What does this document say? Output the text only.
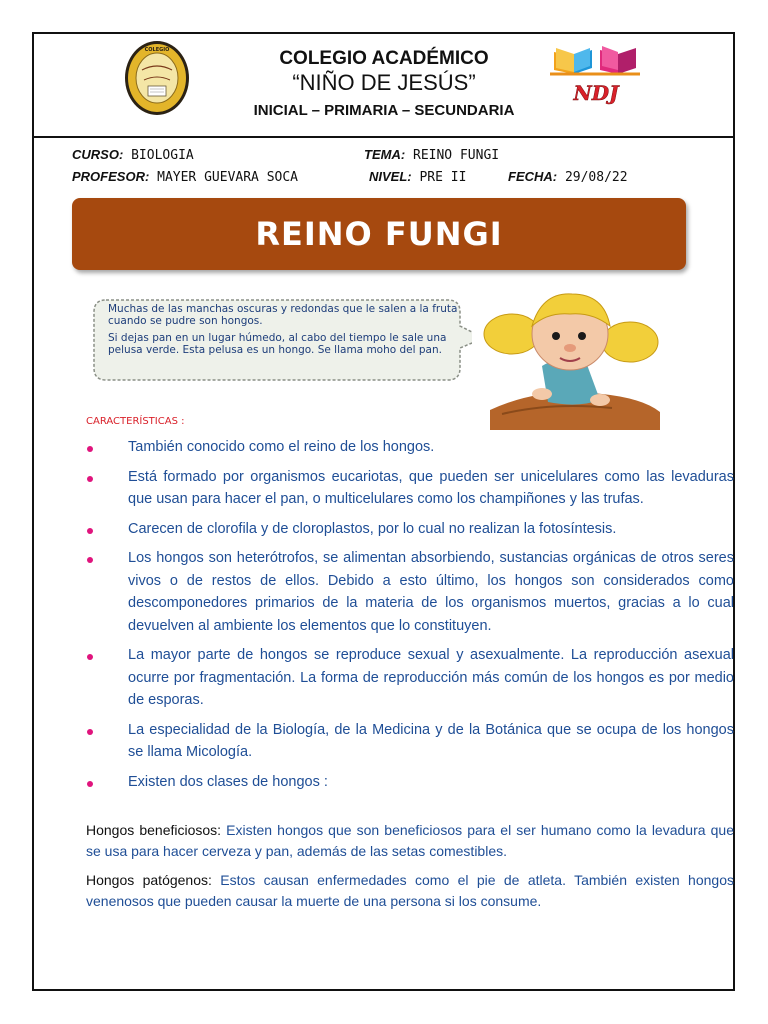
COLEGIO	COLEGIO ACADÉMICO
“NIÑO DE JESÚS”
INICIAL – PRIMARIA – SECUNDARIA
NDJ
CURSO: BIOLOGIA	TEMA: REINO FUNGI
PROFESOR: MAYER GUEVARA SOCA	NIVEL: PRE II	FECHA: 29/08/22
REINO FUNGI

Muchas de las manchas oscuras y redondas que le salen a la fruta cuando se pudre son hongos.

Si dejas pan en un lugar húmedo, al cabo del tiempo le sale una pelusa verde. Esta pelusa es un hongo. Se llama moho del pan.

CARACTERÍSTICAS :
También conocido como el reino de los hongos.
Está formado por organismos eucariotas, que pueden ser unicelulares como las levaduras que usan para hacer el pan, o multicelulares como los champiñones y las trufas.
Carecen de clorofila y de cloroplastos, por lo cual no realizan la fotosíntesis.
Los hongos son heterótrofos, se alimentan absorbiendo, sustancias orgánicas de otros seres vivos o de restos de ellos. Debido a esto último, los hongos son considerados como descomponedores primarios de la materia de los organismos muertos, gracias a lo cual devuelven al ambiente los elementos que lo constituyen.
La mayor parte de hongos se reproduce sexual y asexualmente. La reproducción asexual ocurre por fragmentación. La forma de reproducción más común de los hongos es por medio de esporas.
La especialidad de la Biología, de la Medicina y de la Botánica que se ocupa de los hongos se llama Micología.
Existen dos clases de hongos :
Hongos beneficiosos: Existen hongos que son beneficiosos para el ser humano como la levadura que se usa para hacer cerveza y pan, además de las setas comestibles.
Hongos patógenos: Estos causan enfermedades como el pie de atleta. También existen hongos venenosos que pueden causar la muerte de una persona si los consume.
